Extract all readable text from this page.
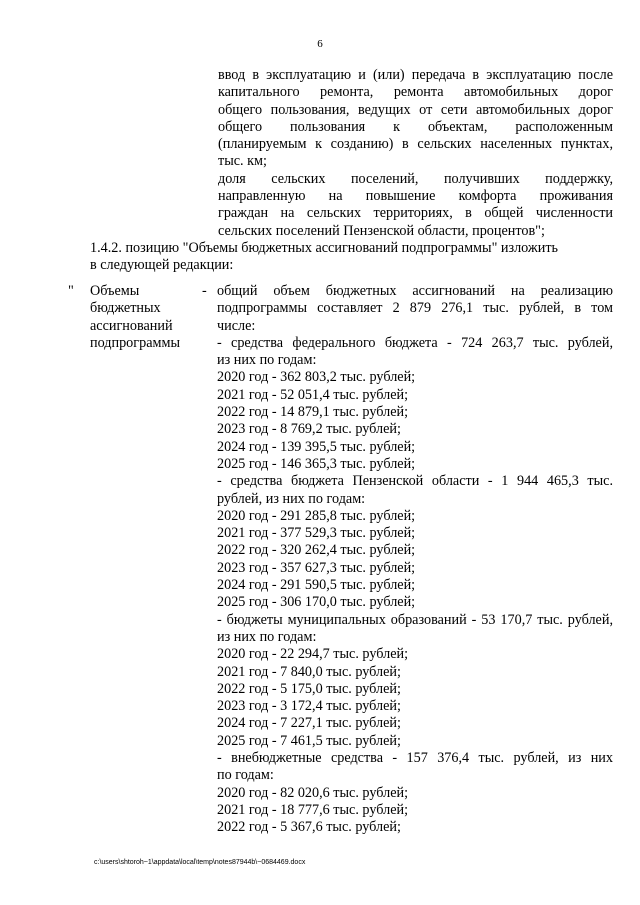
6
ввод в эксплуатацию и (или) передача в эксплуатацию после
капитального ремонта, ремонта автомобильных дорог
общего пользования, ведущих от сети автомобильных дорог
общего пользования к объектам, расположенным
(планируемым к созданию) в сельских населенных пунктах,
тыс. км;
доля сельских поселений, получивших поддержку,
направленную на повышение комфорта проживания
граждан на сельских территориях, в общей численности
сельских поселений Пензенской области, процентов";
1.4.2. позицию "Объемы бюджетных ассигнований подпрограммы" изложить
в следующей редакции:
" Объемы
бюджетных
ассигнований
подпрограммы
- общий объем бюджетных ассигнований на реализацию
подпрограммы составляет 2 879 276,1 тыс. рублей, в том
числе:
- средства федерального бюджета - 724 263,7 тыс. рублей,
из них по годам:
2020 год - 362 803,2 тыс. рублей;
2021 год - 52 051,4 тыс. рублей;
2022 год - 14 879,1 тыс. рублей;
2023 год - 8 769,2 тыс. рублей;
2024 год - 139 395,5 тыс. рублей;
2025 год - 146 365,3 тыс. рублей;
- средства бюджета Пензенской области - 1 944 465,3 тыс.
рублей, из них по годам:
2020 год - 291 285,8 тыс. рублей;
2021 год - 377 529,3 тыс. рублей;
2022 год - 320 262,4 тыс. рублей;
2023 год - 357 627,3 тыс. рублей;
2024 год - 291 590,5 тыс. рублей;
2025 год - 306 170,0 тыс. рублей;
- бюджеты муниципальных образований - 53 170,7 тыс. рублей,
из них по годам:
2020 год - 22 294,7 тыс. рублей;
2021 год - 7 840,0 тыс. рублей;
2022 год - 5 175,0 тыс. рублей;
2023 год - 3 172,4 тыс. рублей;
2024 год - 7 227,1 тыс. рублей;
2025 год - 7 461,5 тыс. рублей;
- внебюджетные средства - 157 376,4 тыс. рублей, из них
по годам:
2020 год - 82 020,6 тыс. рублей;
2021 год - 18 777,6 тыс. рублей;
2022 год - 5 367,6 тыс. рублей;
c:\users\shtoroh~1\appdata\local\temp\notes87944b\~0684469.docx
